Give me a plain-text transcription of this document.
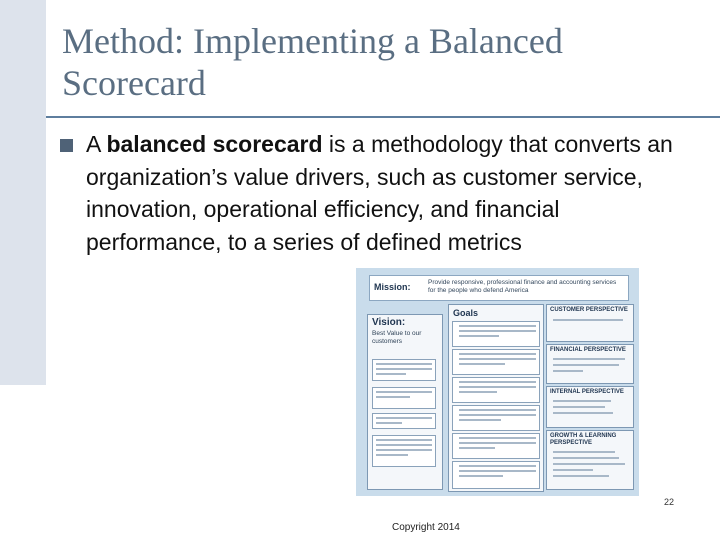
Method: Implementing a Balanced Scorecard
A balanced scorecard is a methodology that converts an organization’s value drivers, such as customer service, innovation, operational efficiency, and financial performance, to a series of defined metrics
Mission:	Provide responsive, professional finance and accounting services for the people who defend America
Vision:
Best Value to our customers
Goals	CUSTOMER PERSPECTIVE
FINANCIAL PERSPECTIVE
INTERNAL PERSPECTIVE
GROWTH & LEARNING PERSPECTIVE
22
Copyright 2014
